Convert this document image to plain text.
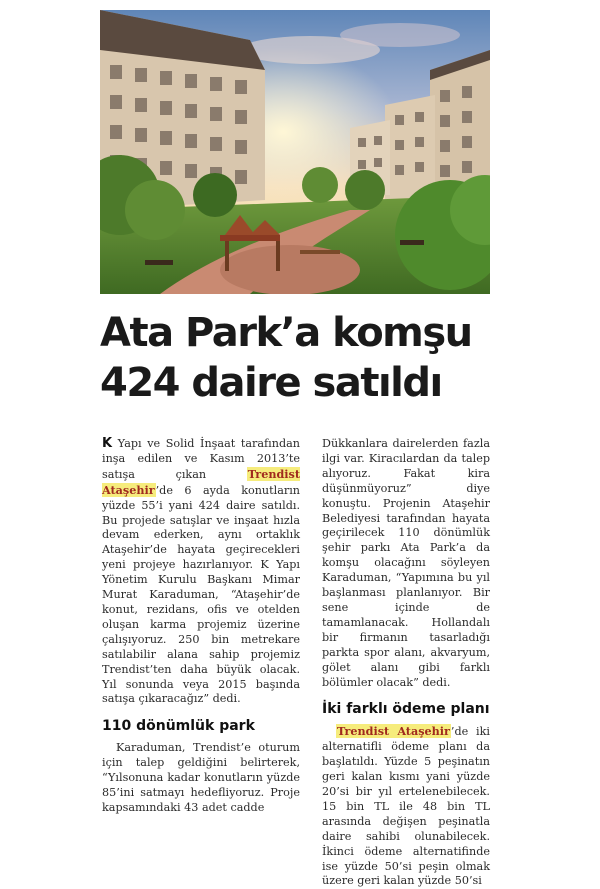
Ata Park’a komşu
424 daire satıldı

K Yapı ve Solid İnşaat tarafından inşa edilen ve Kasım 2013’te satışa çıkan Trendist Ataşehir’de 6 ayda konutların yüzde 55’i yani 424 daire satıldı. Bu projede satışlar ve inşaat hızla devam ederken, aynı ortaklık Ataşehir’de hayata geçirecekleri yeni projeye hazırlanıyor. K Yapı Yönetim Kurulu Başkanı Mimar Murat Karaduman, “Ataşehir’de konut, rezidans, ofis ve otelden oluşan karma projemiz üzerine çalışıyoruz. 250 bin metrekare satılabilir alana sahip projemiz Trendist’ten daha büyük olacak. Yıl sonunda veya 2015 başında satışa çıkaracağız” dedi.

110 dönümlük park

Karaduman, Trendist’e oturum için talep geldiğini belirterek, “Yılsonuna kadar konutların yüzde 85’ini satmayı hedefliyoruz. Proje kapsamındaki 43 adet cadde

Dükkanlara dairelerden fazla ilgi var. Kiracılardan da talep alıyoruz. Fakat kira düşünmüyoruz” diye konuştu. Projenin Ataşehir Belediyesi tarafından hayata geçirilecek 110 dönümlük şehir parkı Ata Park’a da komşu olacağını söyleyen Karaduman, “Yapımına bu yıl başlanması planlanıyor. Bir sene içinde de tamamlanacak. Hollandalı bir firmanın tasarladığı parkta spor alanı, akvaryum, gölet alanı gibi farklı bölümler olacak” dedi.

İki farklı ödeme planı

Trendist Ataşehir’de iki alternatifli ödeme planı da başlatıldı. Yüzde 5 peşinatın geri kalan kısmı yani yüzde 20’si bir yıl ertelenebilecek. 15 bin TL ile 48 bin TL arasında değişen peşinatla daire sahibi olunabilecek. İkinci ödeme alternatifinde ise yüzde 50’si peşin olmak üzere geri kalan yüzde 50’si
